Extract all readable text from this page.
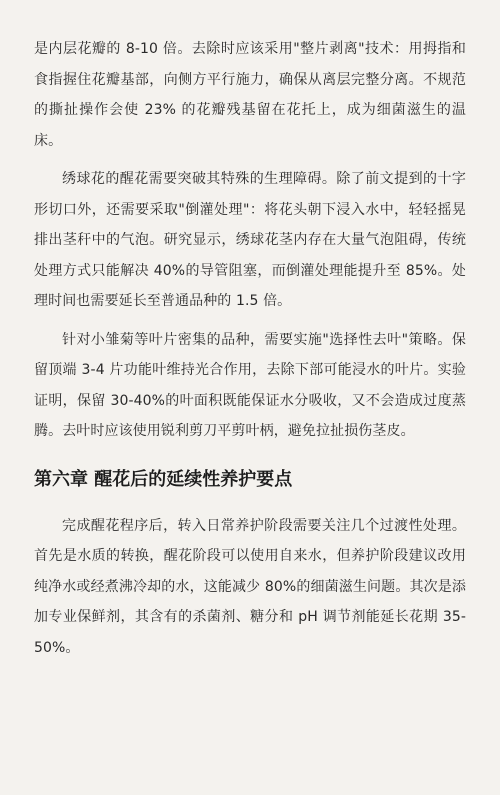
是内层花瓣的 8-10 倍。去除时应该采用"整片剥离"技术：用拇指和食指握住花瓣基部，向侧方平行施力，确保从离层完整分离。不规范的撕扯操作会使 23% 的花瓣残基留在花托上，成为细菌滋生的温床。

绣球花的醒花需要突破其特殊的生理障碍。除了前文提到的十字形切口外，还需要采取"倒灌处理"：将花头朝下浸入水中，轻轻摇晃排出茎秆中的气泡。研究显示，绣球花茎内存在大量气泡阻碍，传统处理方式只能解决 40%的导管阻塞，而倒灌处理能提升至 85%。处理时间也需要延长至普通品种的 1.5 倍。

针对小雏菊等叶片密集的品种，需要实施"选择性去叶"策略。保留顶端 3-4 片功能叶维持光合作用，去除下部可能浸水的叶片。实验证明，保留 30-40%的叶面积既能保证水分吸收，又不会造成过度蒸腾。去叶时应该使用锐利剪刀平剪叶柄，避免拉扯损伤茎皮。

第六章 醒花后的延续性养护要点

完成醒花程序后，转入日常养护阶段需要关注几个过渡性处理。首先是水质的转换，醒花阶段可以使用自来水，但养护阶段建议改用纯净水或经煮沸冷却的水，这能减少 80%的细菌滋生问题。其次是添加专业保鲜剂，其含有的杀菌剂、糖分和 pH 调节剂能延长花期 35-50%。
